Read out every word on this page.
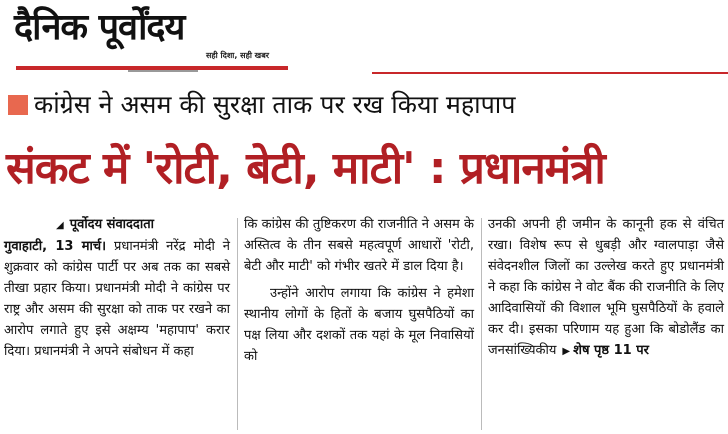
दैनिक पूर्वदय
सही दिशा, सही खबर
कांग्रेस ने असम की सुरक्षा ताक पर रख किया महापाप
संकट में 'रोटी, बेटी, माटी' : प्रधानमंत्री
◢ पूर्वोदय संवाददाता

गुवाहाटी, 13 मार्च। प्रधानमंत्री नरेंद्र मोदी ने शुक्रवार को कांग्रेस पार्टी पर अब तक का सबसे तीखा प्रहार किया। प्रधानमंत्री मोदी ने कांग्रेस पर राष्ट्र और असम की सुरक्षा को ताक पर रखने का आरोप लगाते हुए इसे अक्षम्य 'महापाप' करार दिया। प्रधानमंत्री ने अपने संबोधन में कहा

कि कांग्रेस की तुष्टिकरण की राजनीति ने असम के अस्तित्व के तीन सबसे महत्वपूर्ण आधारों 'रोटी, बेटी और माटी' को गंभीर खतरे में डाल दिया है।

उन्होंने आरोप लगाया कि कांग्रेस ने हमेशा स्थानीय लोगों के हितों के बजाय घुसपैठियों का पक्ष लिया और दशकों तक यहां के मूल निवासियों को

उनकी अपनी ही जमीन के कानूनी हक से वंचित रखा। विशेष रूप से धुबड़ी और ग्वालपाड़ा जैसे संवेदनशील जिलों का उल्लेख करते हुए प्रधानमंत्री ने कहा कि कांग्रेस ने वोट बैंक की राजनीति के लिए आदिवासियों की विशाल भूमि घुसपैठियों के हवाले कर दी। इसका परिणाम यह हुआ कि बोडोलैंड का जनसांख्यिकीय ▶ शेष पृष्ठ 11 पर
